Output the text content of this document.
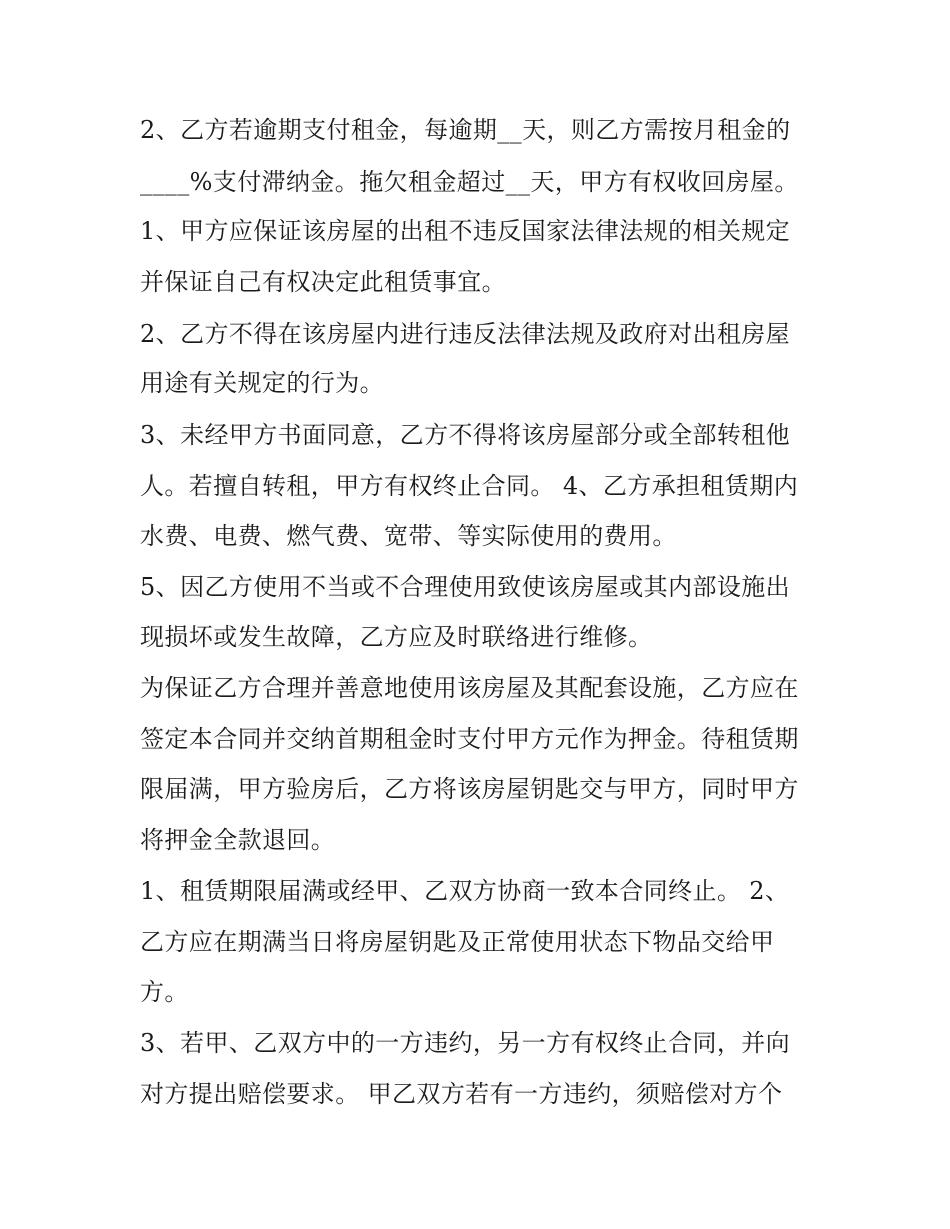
2、乙方若逾期支付租金，每逾期__天，则乙方需按月租金的

____%支付滞纳金。拖欠租金超过__天，甲方有权收回房屋。

1、甲方应保证该房屋的出租不违反国家法律法规的相关规定

并保证自己有权决定此租赁事宜。

2、乙方不得在该房屋内进行违反法律法规及政府对出租房屋

用途有关规定的行为。

3、未经甲方书面同意，乙方不得将该房屋部分或全部转租他

人。若擅自转租，甲方有权终止合同。 4、乙方承担租赁期内

水费、电费、燃气费、宽带、等实际使用的费用。

5、因乙方使用不当或不合理使用致使该房屋或其内部设施出

现损坏或发生故障，乙方应及时联络进行维修。

为保证乙方合理并善意地使用该房屋及其配套设施，乙方应在

签定本合同并交纳首期租金时支付甲方元作为押金。待租赁期

限届满，甲方验房后，乙方将该房屋钥匙交与甲方，同时甲方

将押金全款退回。

1、租赁期限届满或经甲、乙双方协商一致本合同终止。 2、

乙方应在期满当日将房屋钥匙及正常使用状态下物品交给甲

方。

3、若甲、乙双方中的一方违约，另一方有权终止合同，并向

对方提出赔偿要求。 甲乙双方若有一方违约，须赔偿对方个
